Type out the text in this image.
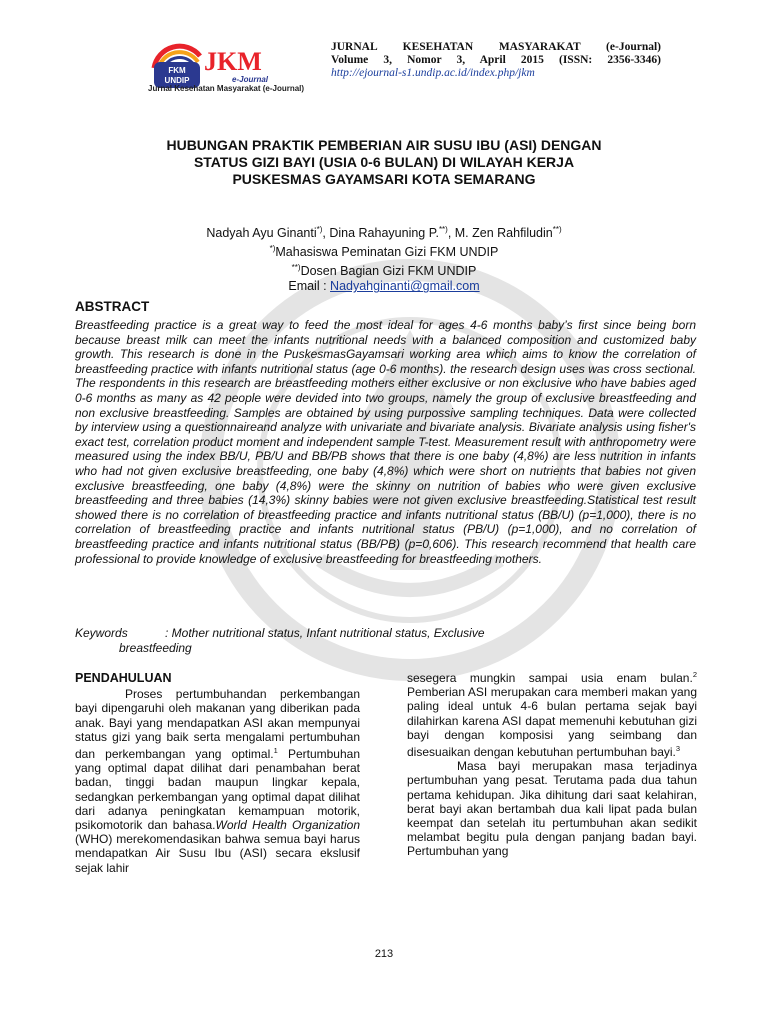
FKM
UNDIP
JKM
e-Journal
Jurnal Kesehatan Masyarakat (e-Journal)
JURNAL KESEHATAN MASYARAKAT (e-Journal)
Volume 3, Nomor 3, April 2015 (ISSN: 2356-3346)
http://ejournal-s1.undip.ac.id/index.php/jkm
HUBUNGAN PRAKTIK PEMBERIAN AIR SUSU IBU (ASI) DENGAN
STATUS GIZI BAYI (USIA 0-6 BULAN) DI WILAYAH KERJA
PUSKESMAS GAYAMSARI KOTA SEMARANG
Nadyah Ayu Ginanti*), Dina Rahayuning P.**), M. Zen Rahfiludin**)
*)Mahasiswa Peminatan Gizi FKM UNDIP
**)Dosen Bagian Gizi FKM UNDIP
Email : Nadyahginanti@gmail.com
ABSTRACT

Breastfeeding practice is a great way to feed the most ideal for ages 4-6 months baby’s first since being born because breast milk can meet the infants nutritional needs with a balanced composition and customized baby growth. This research is done in the PuskesmasGayamsari working area which aims to know the correlation of breastfeeding practice with infants nutritional status (age 0-6 months). the research design uses was cross sectional. The respondents in this research are breastfeeding mothers either exclusive or non exclusive who have babies aged 0-6 months as many as 42 people were devided into two groups, namely the group of exclusive breastfeeding and non exclusive breastfeeding. Samples are obtained by using purpossive sampling techniques. Data were collected by interview using a questionnaireand analyze with univariate and bivariate analysis. Bivariate analysis using fisher's exact test, correlation product moment and independent sample T-test. Measurement result with anthropometry were measured using the index BB/U, PB/U and BB/PB shows that there is one baby (4,8%) are less nutrition in infants who had not given exclusive breastfeeding, one baby (4,8%) which were short on nutrients that babies not given exclusive breastfeeding, one baby (4,8%) were the skinny on nutrition of babies who were given exclusive breastfeeding and three babies (14,3%) skinny babies were not given exclusive breastfeeding.Statistical test result showed there is no correlation of breastfeeding practice and infants nutritional status (BB/U) (p=1,000), there is no correlation of breastfeeding practice and infants nutritional status (PB/U) (p=1,000), and no correlation of breastfeeding practice and infants nutritional status (BB/PB) (p=0,606). This research recommend that health care professional to provide knowledge of exclusive breastfeeding for breastfeeding mothers.

Keywords	: Mother nutritional status, Infant nutritional status, Exclusive
breastfeeding
PENDAHULUAN

Proses pertumbuhandan perkembangan bayi dipengaruhi oleh makanan yang diberikan pada anak. Bayi yang mendapatkan ASI akan mempunyai status gizi yang baik serta mengalami pertumbuhan dan perkembangan yang optimal.$^1$ Pertumbuhan yang optimal dapat dilihat dari penambahan berat badan, tinggi badan maupun lingkar kepala, sedangkan perkembangan yang optimal dapat dilihat dari adanya peningkatan kemampuan motorik, psikomotorik dan bahasa.World Health Organization (WHO) merekomendasikan bahwa semua bayi harus mendapatkan Air Susu Ibu (ASI) secara ekslusif sejak lahir

sesegera mungkin sampai usia enam bulan.$^2$ Pemberian ASI merupakan cara memberi makan yang paling ideal untuk 4-6 bulan pertama sejak bayi dilahirkan karena ASI dapat memenuhi kebutuhan gizi bayi dengan komposisi yang seimbang dan disesuaikan dengan kebutuhan pertumbuhan bayi.$^3$

Masa bayi merupakan masa terjadinya pertumbuhan yang pesat. Terutama pada dua tahun pertama kehidupan. Jika dihitung dari saat kelahiran, berat bayi akan bertambah dua kali lipat pada bulan keempat dan setelah itu pertumbuhan akan sedikit melambat begitu pula dengan panjang badan bayi. Pertumbuhan yang

213
